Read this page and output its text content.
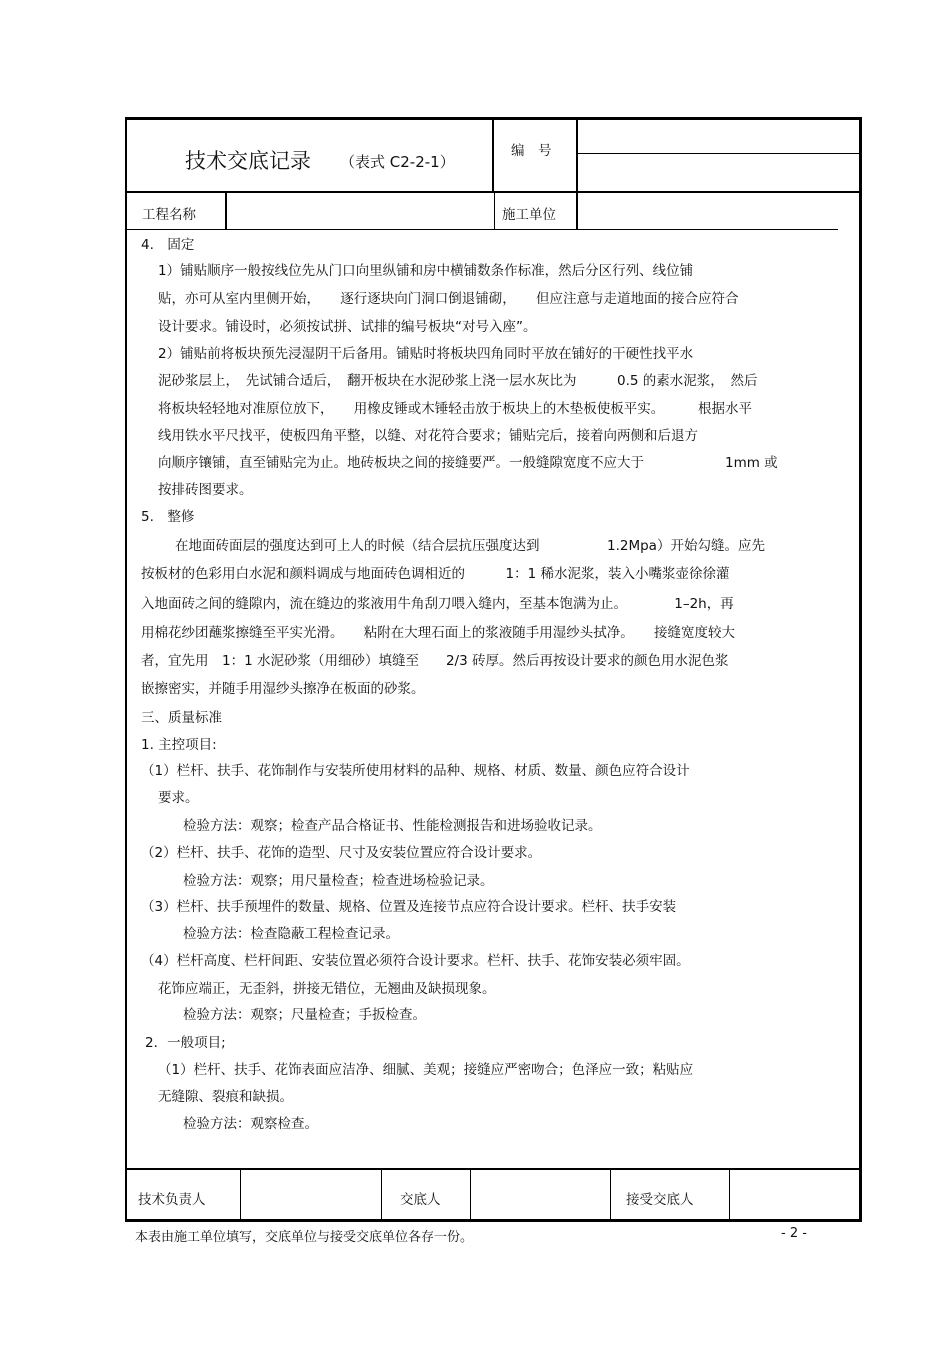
技术交底记录 （表式 C2-2-1）
编　号
工程名称	施工单位
4.　固定
1）铺贴顺序一般按线位先从门口向里纵铺和房中横铺数条作标准，然后分区行列、线位铺
贴，亦可从室内里侧开始，　　逐行逐块向门洞口倒退铺砌，　　但应注意与走道地面的接合应符合
设计要求。铺设时，必须按试拼、试排的编号板块“对号入座”。
2）铺贴前将板块预先浸湿阴干后备用。铺贴时将板块四角同时平放在铺好的干硬性找平水
泥砂浆层上，　先试铺合适后，　翻开板块在水泥砂浆上浇一层水灰比为　　　0.5 的素水泥浆，　然后
将板块轻轻地对准原位放下，　　用橡皮锤或木锤轻击放于板块上的木垫板使板平实。　　　根据水平
线用铁水平尺找平，使板四角平整，以缝、对花符合要求；铺贴完后，接着向两侧和后退方
向顺序镶铺，直至铺贴完为止。地砖板块之间的接缝要严。一般缝隙宽度不应大于　　　　　　1mm 或
按排砖图要求。
5.　整修
在地面砖面层的强度达到可上人的时候（结合层抗压强度达到　　　　　1.2Mpa）开始勾缝。应先
按板材的色彩用白水泥和颜料调成与地面砖色调相近的　　　1：1 稀水泥浆，装入小嘴浆壶徐徐灌
入地面砖之间的缝隙内，流在缝边的浆液用牛角刮刀喂入缝内，至基本饱满为止。　　　　1–2h，再
用棉花纱团蘸浆擦缝至平实光滑。　　粘附在大理石面上的浆液随手用湿纱头拭净。　　接缝宽度较大
者，宜先用　1：1 水泥砂浆（用细砂）填缝至　　2/3 砖厚。然后再按设计要求的颜色用水泥色浆
嵌擦密实，并随手用湿纱头擦净在板面的砂浆。
三、质量标准
1. 主控项目:
（1）栏杆、扶手、花饰制作与安装所使用材料的品种、规格、材质、数量、颜色应符合设计
要求。
检验方法：观察；检查产品合格证书、性能检测报告和进场验收记录。
（2）栏杆、扶手、花饰的造型、尺寸及安装位置应符合设计要求。
检验方法：观察；用尺量检查；检查进场检验记录。
（3）栏杆、扶手预埋件的数量、规格、位置及连接节点应符合设计要求。栏杆、扶手安装
检验方法：检查隐蔽工程检查记录。
（4）栏杆高度、栏杆间距、安装位置必须符合设计要求。栏杆、扶手、花饰安装必须牢固。
花饰应端正，无歪斜，拼接无错位，无翘曲及缺损现象。
检验方法：观察；尺量检查；手扳检查。
2．一般项目;
（1）栏杆、扶手、花饰表面应洁净、细腻、美观；接缝应严密吻合；色泽应一致；粘贴应
无缝隙、裂痕和缺损。
检验方法：观察检查。
技术负责人	交底人	接受交底人
本表由施工单位填写，交底单位与接受交底单位各存一份。	- 2 -
